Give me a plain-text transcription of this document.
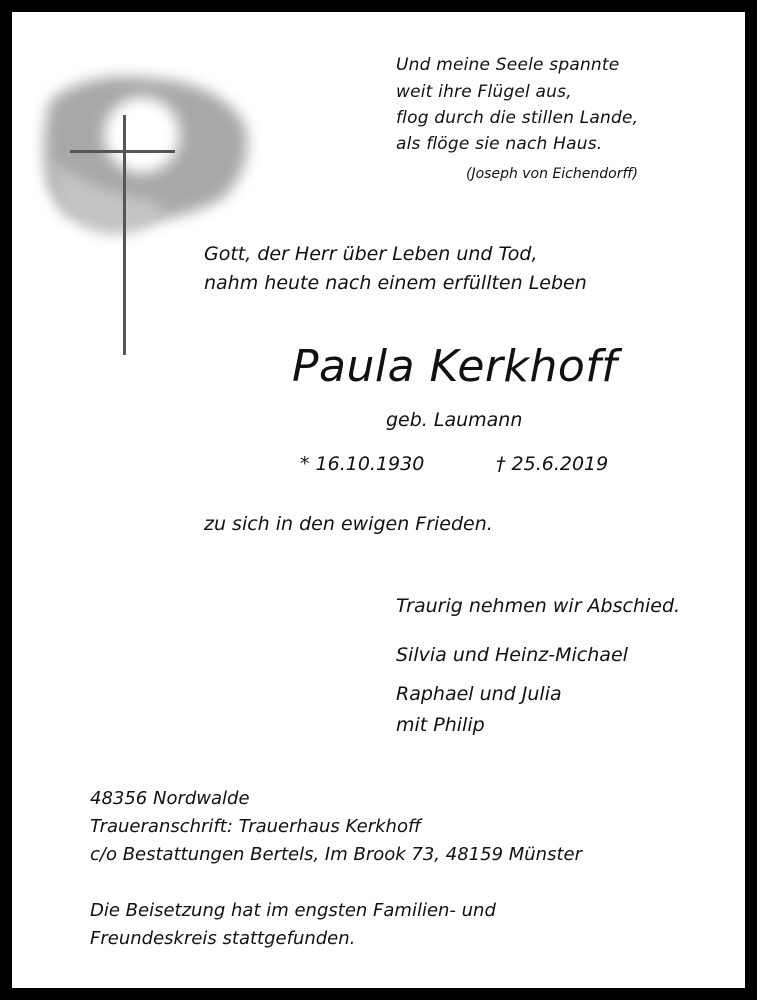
Und meine Seele spannte
weit ihre Flügel aus,
flog durch die stillen Lande,
als flöge sie nach Haus.
(Joseph von Eichendorff)
Gott, der Herr über Leben und Tod,
nahm heute nach einem erfüllten Leben
Paula Kerkhoff
geb. Laumann
* 16.10.1930	† 25.6.2019
zu sich in den ewigen Frieden.
Traurig nehmen wir Abschied.
Silvia und Heinz-Michael
Raphael und Julia
mit Philip
48356 Nordwalde
Traueranschrift: Trauerhaus Kerkhoff
c/o Bestattungen Bertels, Im Brook 73, 48159 Münster
Die Beisetzung hat im engsten Familien- und
Freundeskreis stattgefunden.
